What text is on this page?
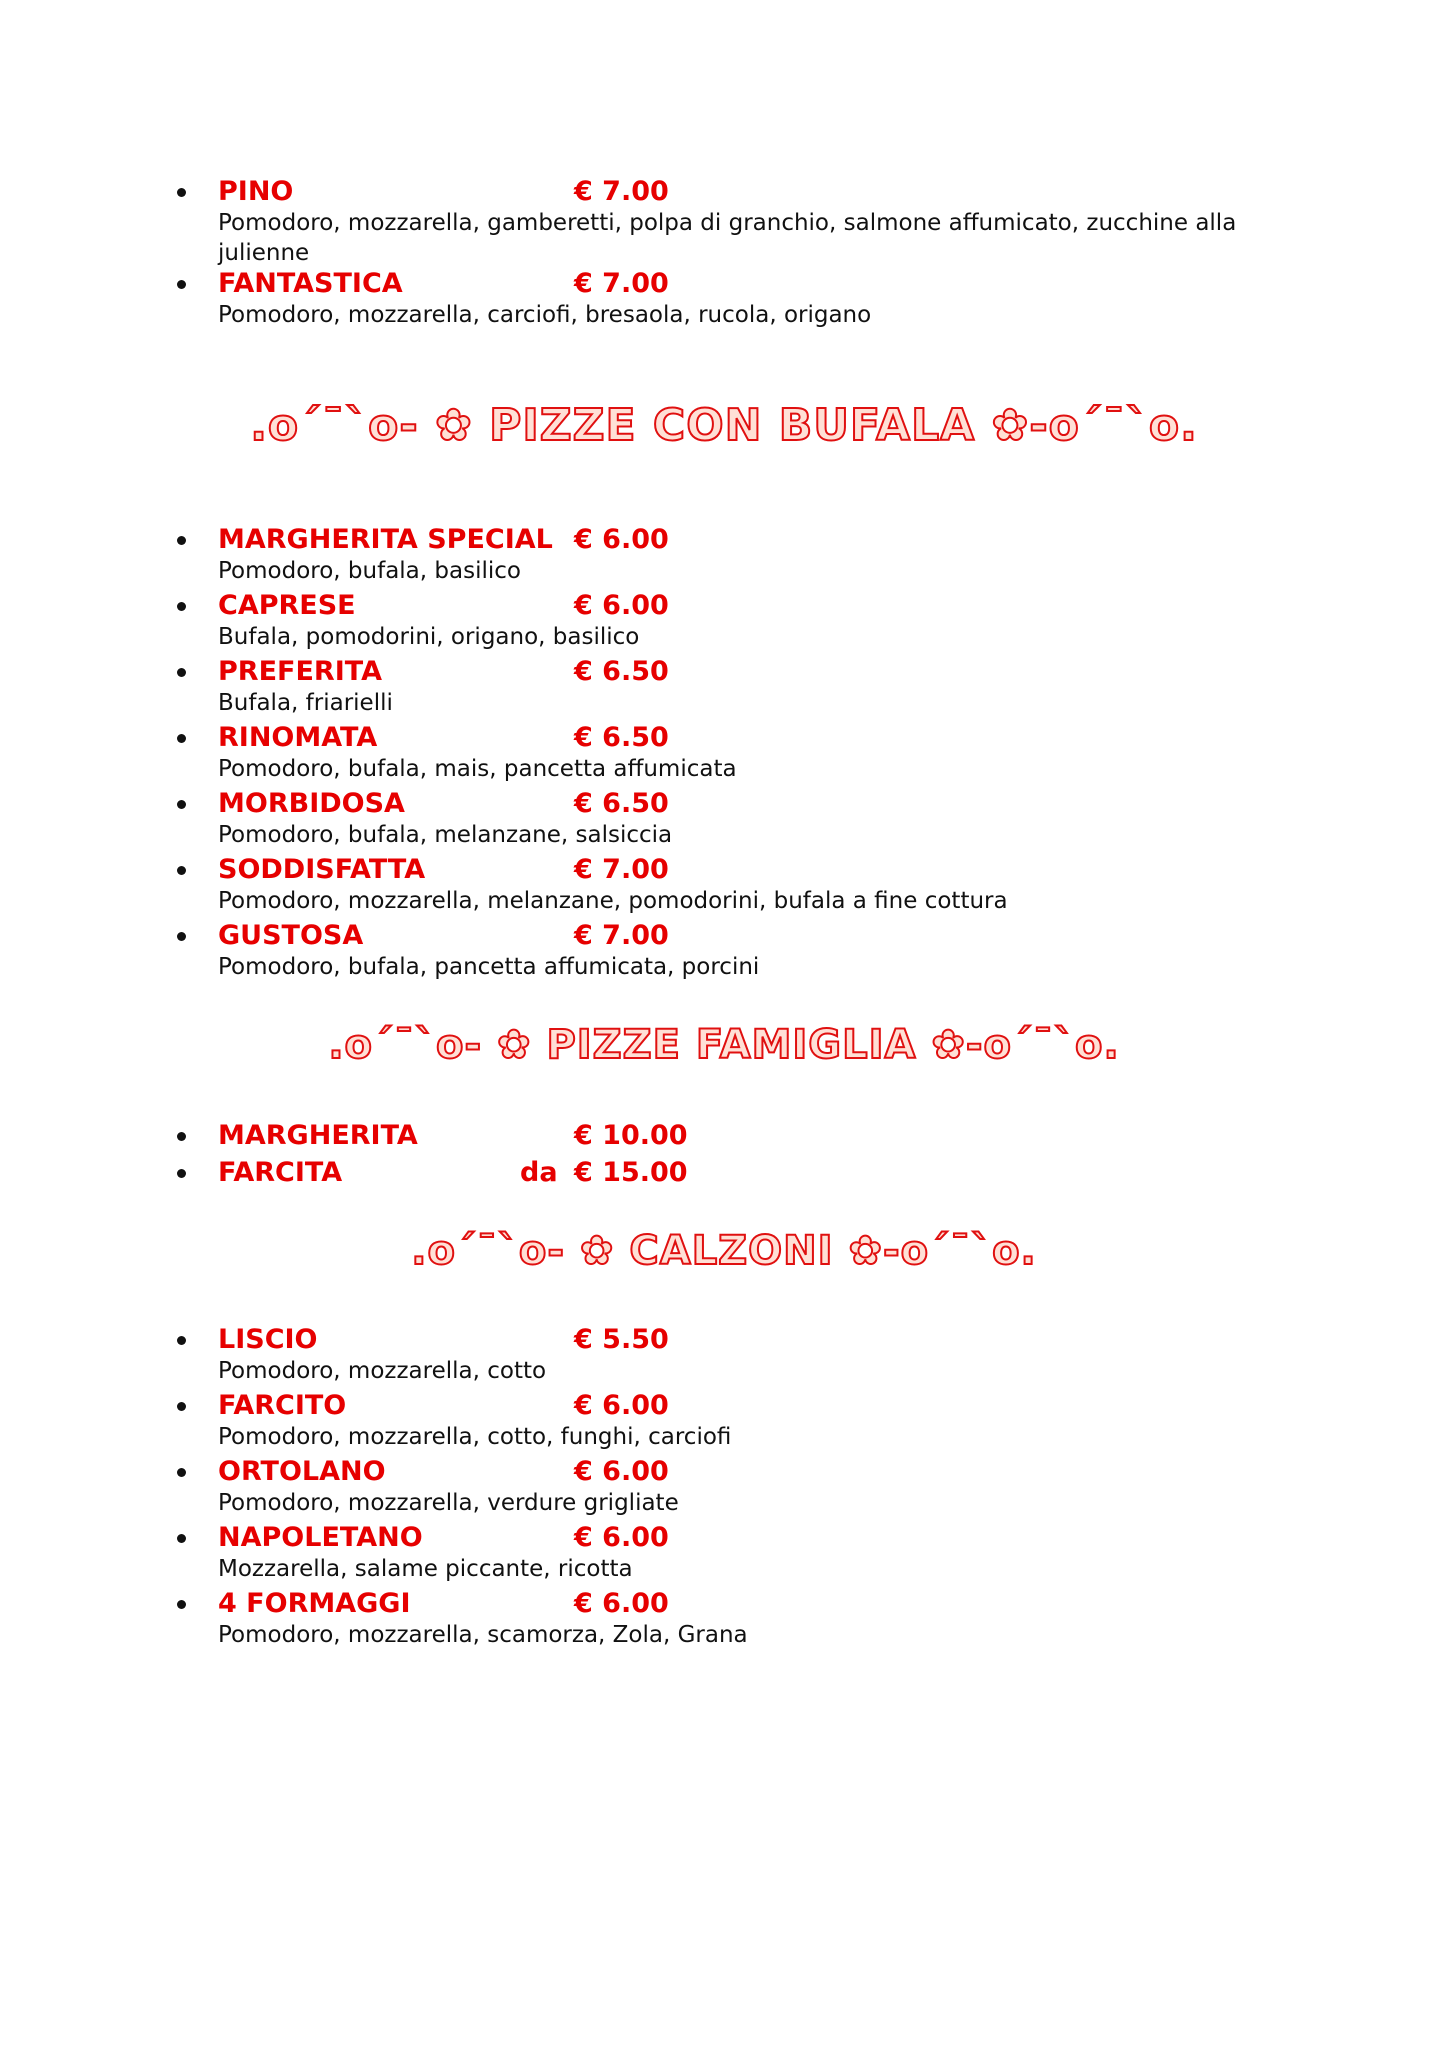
PINO	€ 7.00
Pomodoro, mozzarella, gamberetti, polpa di granchio, salmone affumicato, zucchine alla julienne
FANTASTICA	€ 7.00
Pomodoro, mozzarella, carciofi, bresaola, rucola, origano
.o´¯`o- ✿ PIZZE CON BUFALA ✿-o´¯`o.
MARGHERITA SPECIAL € 6.00
Pomodoro, bufala, basilico
CAPRESE	€ 6.00
Bufala, pomodorini, origano, basilico
PREFERITA	€ 6.50
Bufala, friarielli
RINOMATA	€ 6.50
Pomodoro, bufala, mais, pancetta affumicata
MORBIDOSA	€ 6.50
Pomodoro, bufala, melanzane, salsiccia
SODDISFATTA	€ 7.00
Pomodoro, mozzarella, melanzane, pomodorini, bufala a fine cottura
GUSTOSA	€ 7.00
Pomodoro, bufala, pancetta affumicata, porcini
.o´¯`o- ✿ PIZZE FAMIGLIA ✿-o´¯`o.
MARGHERITA	€ 10.00
FARCITA	da € 15.00
.o´¯`o- ✿ CALZONI ✿-o´¯`o.
LISCIO	€ 5.50
Pomodoro, mozzarella, cotto
FARCITO	€ 6.00
Pomodoro, mozzarella, cotto, funghi, carciofi
ORTOLANO	€ 6.00
Pomodoro, mozzarella, verdure grigliate
NAPOLETANO	€ 6.00
Mozzarella, salame piccante, ricotta
4 FORMAGGI	€ 6.00
Pomodoro, mozzarella, scamorza, Zola, Grana
